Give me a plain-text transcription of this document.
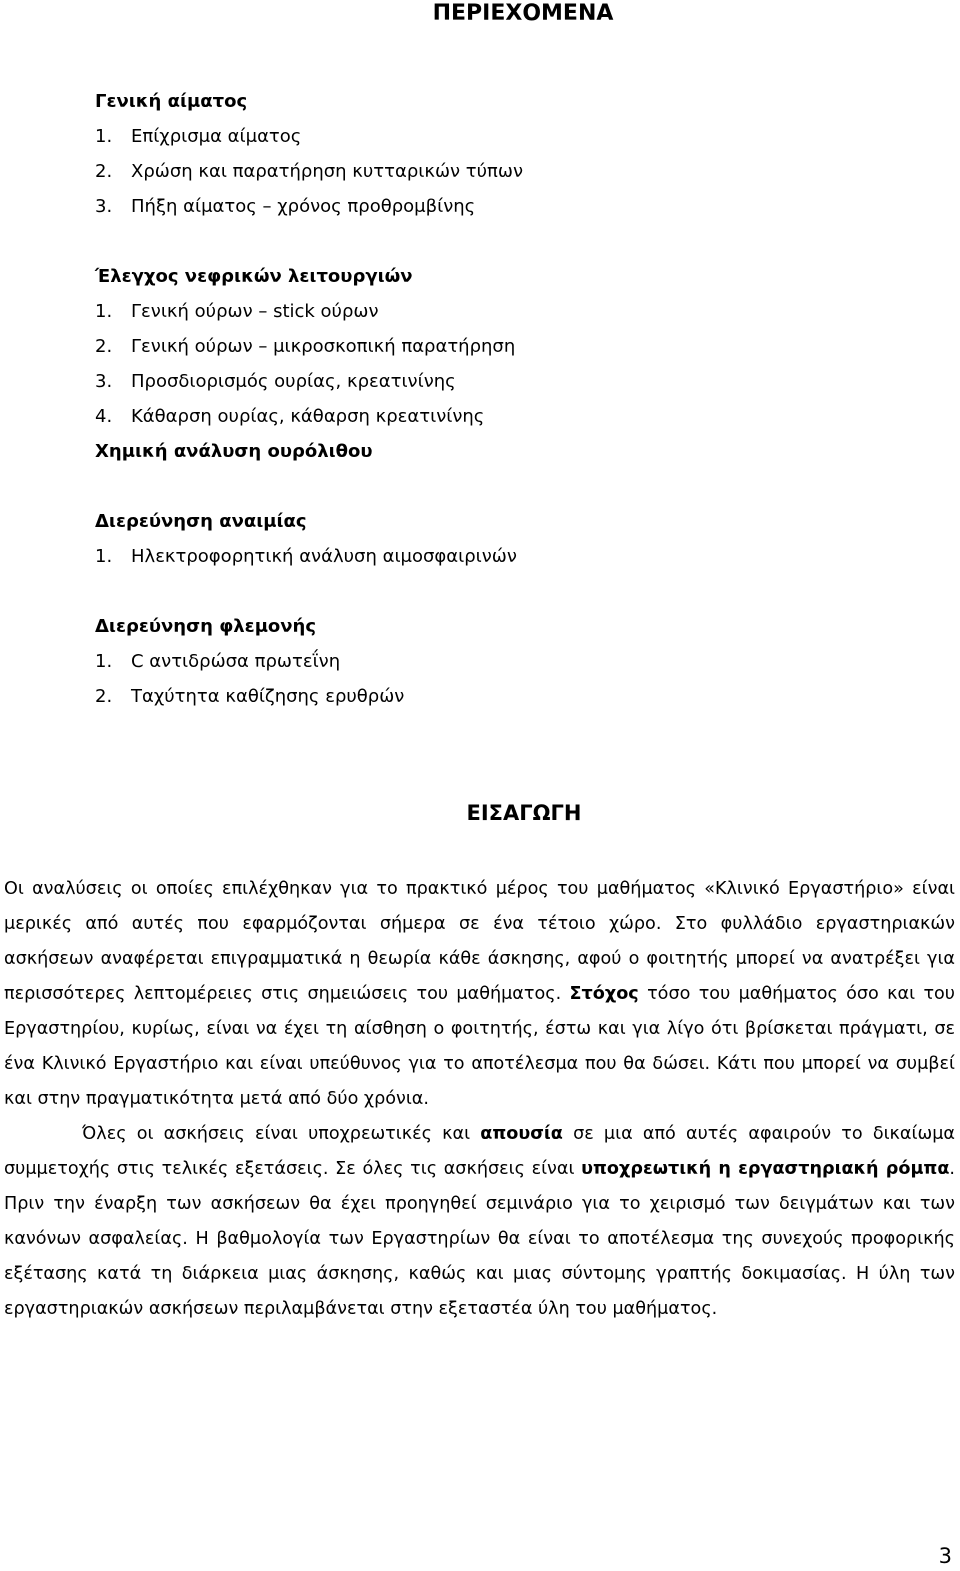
ΠΕΡΙΕΧΟΜΕΝΑ
Γενική αίματος
1. Επίχρισμα αίματος
2. Χρώση και παρατήρηση κυτταρικών τύπων
3. Πήξη αίματος – χρόνος προθρομβίνης
Έλεγχος νεφρικών λειτουργιών
1. Γενική ούρων – stick ούρων
2. Γενική ούρων – μικροσκοπική παρατήρηση
3. Προσδιορισμός ουρίας, κρεατινίνης
4. Κάθαρση ουρίας, κάθαρση κρεατινίνης
Χημική ανάλυση ουρόλιθου
Διερεύνηση αναιμίας
1. Ηλεκτροφορητική ανάλυση αιμοσφαιρινών
Διερεύνηση φλεμονής
1. C αντιδρώσα πρωτεΐνη
2. Ταχύτητα καθίζησης ερυθρών
ΕΙΣΑΓΩΓΗ

Οι αναλύσεις οι οποίες επιλέχθηκαν για το πρακτικό μέρος του μαθήματος «Κλινικό Εργαστήριο» είναι μερικές από αυτές που εφαρμόζονται σήμερα σε ένα τέτοιο χώρο. Στο φυλλάδιο εργαστηριακών ασκήσεων αναφέρεται επιγραμματικά η θεωρία κάθε άσκησης, αφού ο φοιτητής μπορεί να ανατρέξει για περισσότερες λεπτομέρειες στις σημειώσεις του μαθήματος. Στόχος τόσο του μαθήματος όσο και του Εργαστηρίου, κυρίως, είναι να έχει τη αίσθηση ο φοιτητής, έστω και για λίγο ότι βρίσκεται πράγματι, σε ένα Κλινικό Εργαστήριο και είναι υπεύθυνος για το αποτέλεσμα που θα δώσει. Κάτι που μπορεί να συμβεί και στην πραγματικότητα μετά από δύο χρόνια.

Όλες οι ασκήσεις είναι υποχρεωτικές και απουσία σε μια από αυτές αφαιρούν το δικαίωμα συμμετοχής στις τελικές εξετάσεις. Σε όλες τις ασκήσεις είναι υποχρεωτική η εργαστηριακή ρόμπα. Πριν την έναρξη των ασκήσεων θα έχει προηγηθεί σεμινάριο για το χειρισμό των δειγμάτων και των κανόνων ασφαλείας. Η βαθμολογία των Εργαστηρίων θα είναι το αποτέλεσμα της συνεχούς προφορικής εξέτασης κατά τη διάρκεια μιας άσκησης, καθώς και μιας σύντομης γραπτής δοκιμασίας. Η ύλη των εργαστηριακών ασκήσεων περιλαμβάνεται στην εξεταστέα ύλη του μαθήματος.

3
